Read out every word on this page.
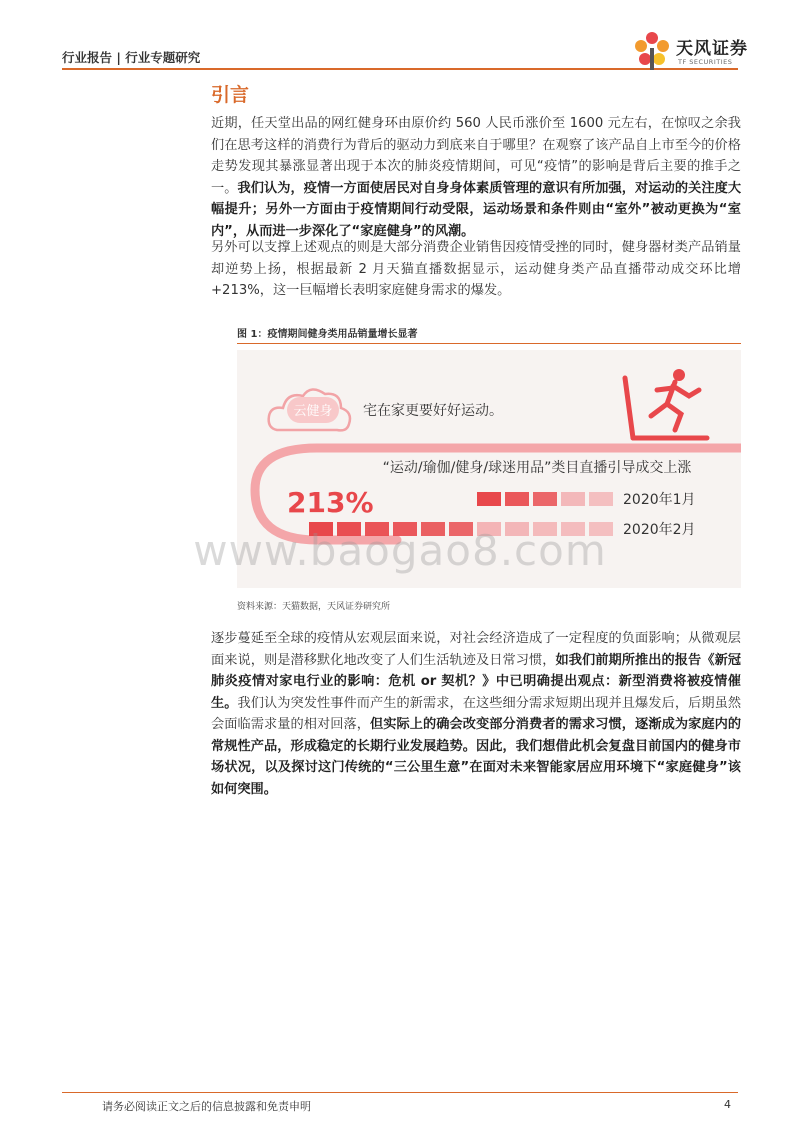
行业报告 | 行业专题研究	天风证券
TF SECURITIES
引言

近期，任天堂出品的网红健身环由原价约 560 人民币涨价至 1600 元左右，在惊叹之余我们在思考这样的消费行为背后的驱动力到底来自于哪里？在观察了该产品自上市至今的价格走势发现其暴涨显著出现于本次的肺炎疫情期间，可见“疫情”的影响是背后主要的推手之一。我们认为，疫情一方面使居民对自身身体素质管理的意识有所加强，对运动的关注度大幅提升；另外一方面由于疫情期间行动受限，运动场景和条件则由“室外”被动更换为“室内”，从而进一步深化了“家庭健身”的风潮。

另外可以支撑上述观点的则是大部分消费企业销售因疫情受挫的同时，健身器材类产品销量却逆势上扬，根据最新 2 月天猫直播数据显示，运动健身类产品直播带动成交环比增+213%，这一巨幅增长表明家庭健身需求的爆发。

图 1：疫情期间健身类用品销量增长显著
云健身 宅在家更要好好运动。
“运动/瑜伽/健身/球迷用品”类目直播引导成交上涨
213%	2020年1月
2020年2月
www.baogao8.com
资料来源：天猫数据，天风证券研究所

逐步蔓延至全球的疫情从宏观层面来说，对社会经济造成了一定程度的负面影响；从微观层面来说，则是潜移默化地改变了人们生活轨迹及日常习惯，如我们前期所推出的报告《新冠肺炎疫情对家电行业的影响：危机 or 契机？》中已明确提出观点：新型消费将被疫情催生。我们认为突发性事件而产生的新需求，在这些细分需求短期出现并且爆发后，后期虽然会面临需求量的相对回落，但实际上的确会改变部分消费者的需求习惯，逐渐成为家庭内的常规性产品，形成稳定的长期行业发展趋势。因此，我们想借此机会复盘目前国内的健身市场状况，以及探讨这门传统的“三公里生意”在面对未来智能家居应用环境下“家庭健身”该如何突围。

请务必阅读正文之后的信息披露和免责申明	4
